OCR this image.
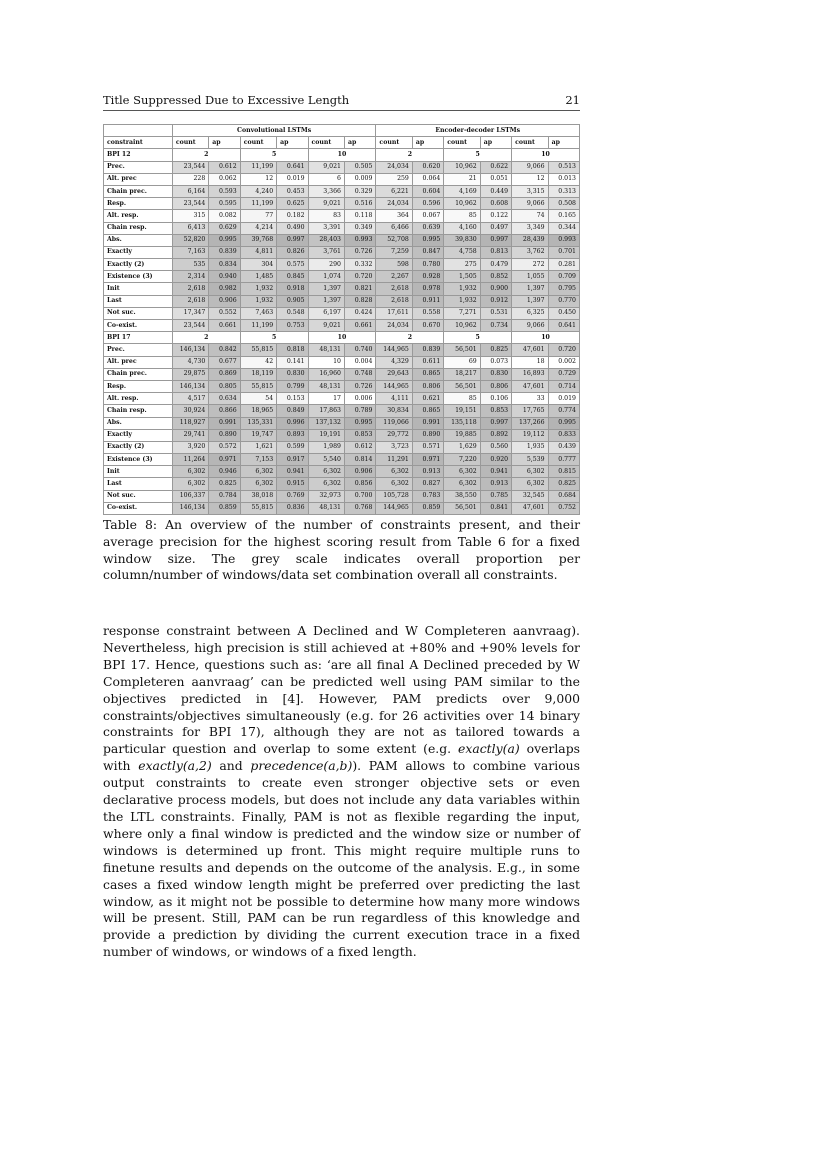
Title Suppressed Due to Excessive Length	21
	Convolutional LSTMs						Encoder-decoder LSTMs					
constraint	count	ap	count	ap	count	ap	count	ap	count	ap	count	ap
BPI 12	2		5		10		2		5		10	
Prec.	23,544	0.612	11,199	0.641	9,021	0.505	24,034	0.620	10,962	0.622	9,066	0.513
Alt. prec	228	0.062	12	0.019	6	0.009	259	0.064	21	0.051	12	0.013
Chain prec.	6,164	0.593	4,240	0.453	3,366	0.329	6,221	0.604	4,169	0.449	3,315	0.313
Resp.	23,544	0.595	11,199	0.625	9,021	0.516	24,034	0.596	10,962	0.608	9,066	0.508
Alt. resp.	315	0.082	77	0.182	83	0.118	364	0.067	85	0.122	74	0.165
Chain resp.	6,413	0.629	4,214	0.490	3,391	0.349	6,466	0.639	4,160	0.497	3,349	0.344
Abs.	52,820	0.995	39,768	0.997	28,403	0.993	52,708	0.995	39,830	0.997	28,439	0.993
Exactly	7,163	0.839	4,811	0.826	3,761	0.726	7,259	0.847	4,758	0.813	3,762	0.701
Exactly (2)	535	0.834	304	0.575	290	0.332	598	0.780	275	0.479	272	0.281
Existence (3)	2,314	0.940	1,485	0.845	1,074	0.720	2,267	0.928	1,505	0.852	1,055	0.709
Init	2,618	0.982	1,932	0.918	1,397	0.821	2,618	0.978	1,932	0.900	1,397	0.795
Last	2,618	0.906	1,932	0.905	1,397	0.828	2,618	0.911	1,932	0.912	1,397	0.770
Not suc.	17,347	0.552	7,463	0.548	6,197	0.424	17,611	0.558	7,271	0.531	6,325	0.450
Co-exist.	23,544	0.661	11,199	0.753	9,021	0.661	24,034	0.670	10,962	0.734	9,066	0.641
BPI 17	2		5		10		2		5		10	
Prec.	146,134	0.842	55,815	0.818	48,131	0.740	144,965	0.839	56,501	0.825	47,601	0.720
Alt. prec	4,730	0.677	42	0.141	10	0.004	4,329	0.611	69	0.073	18	0.002
Chain prec.	29,875	0.869	18,119	0.830	16,960	0.748	29,643	0.865	18,217	0.830	16,893	0.729
Resp.	146,134	0.805	55,815	0.799	48,131	0.726	144,965	0.806	56,501	0.806	47,601	0.714
Alt. resp.	4,517	0.634	54	0.153	17	0.006	4,111	0.621	85	0.106	33	0.019
Chain resp.	30,924	0.866	18,965	0.849	17,863	0.789	30,834	0.865	19,151	0.853	17,765	0.774
Abs.	118,927	0.991	135,331	0.996	137,132	0.995	119,066	0.991	135,118	0.997	137,266	0.995
Exactly	29,741	0.890	19,747	0.893	19,191	0.853	29,772	0.890	19,885	0.892	19,112	0.833
Exactly (2)	3,920	0.572	1,621	0.599	1,989	0.612	3,723	0.571	1,629	0.560	1,935	0.439
Existence (3)	11,264	0.971	7,153	0.917	5,540	0.814	11,291	0.971	7,220	0.920	5,539	0.777
Init	6,302	0.946	6,302	0.941	6,302	0.906	6,302	0.913	6,302	0.941	6,302	0.815
Last	6,302	0.825	6,302	0.915	6,302	0.856	6,302	0.827	6,302	0.913	6,302	0.825
Not suc.	106,337	0.784	38,018	0.769	32,973	0.700	105,728	0.783	38,550	0.785	32,545	0.684
Co-exist.	146,134	0.859	55,815	0.836	48,131	0.768	144,965	0.859	56,501	0.841	47,601	0.752
Table 8: An overview of the number of constraints present, and their average precision for the highest scoring result from Table 6 for a fixed window size. The grey scale indicates overall proportion per column/number of windows/data set combination overall all constraints.
response constraint between A Declined and W Completeren aanvraag). Nevertheless, high precision is still achieved at +80% and +90% levels for BPI 17. Hence, questions such as: ‘are all final A Declined preceded by W Completeren aanvraag’ can be predicted well using PAM similar to the objectives predicted in [4]. However, PAM predicts over 9,000 constraints/objectives simultaneously (e.g. for 26 activities over 14 binary constraints for BPI 17), although they are not as tailored towards a particular question and overlap to some extent (e.g. exactly(a) overlaps with exactly(a,2) and precedence(a,b)). PAM allows to combine various output constraints to create even stronger objective sets or even declarative process models, but does not include any data variables within the LTL constraints. Finally, PAM is not as flexible regarding the input, where only a final window is predicted and the window size or number of windows is determined up front. This might require multiple runs to finetune results and depends on the outcome of the analysis. E.g., in some cases a fixed window length might be preferred over predicting the last window, as it might not be possible to determine how many more windows will be present. Still, PAM can be run regardless of this knowledge and provide a prediction by dividing the current execution trace in a fixed number of windows, or windows of a fixed length.
